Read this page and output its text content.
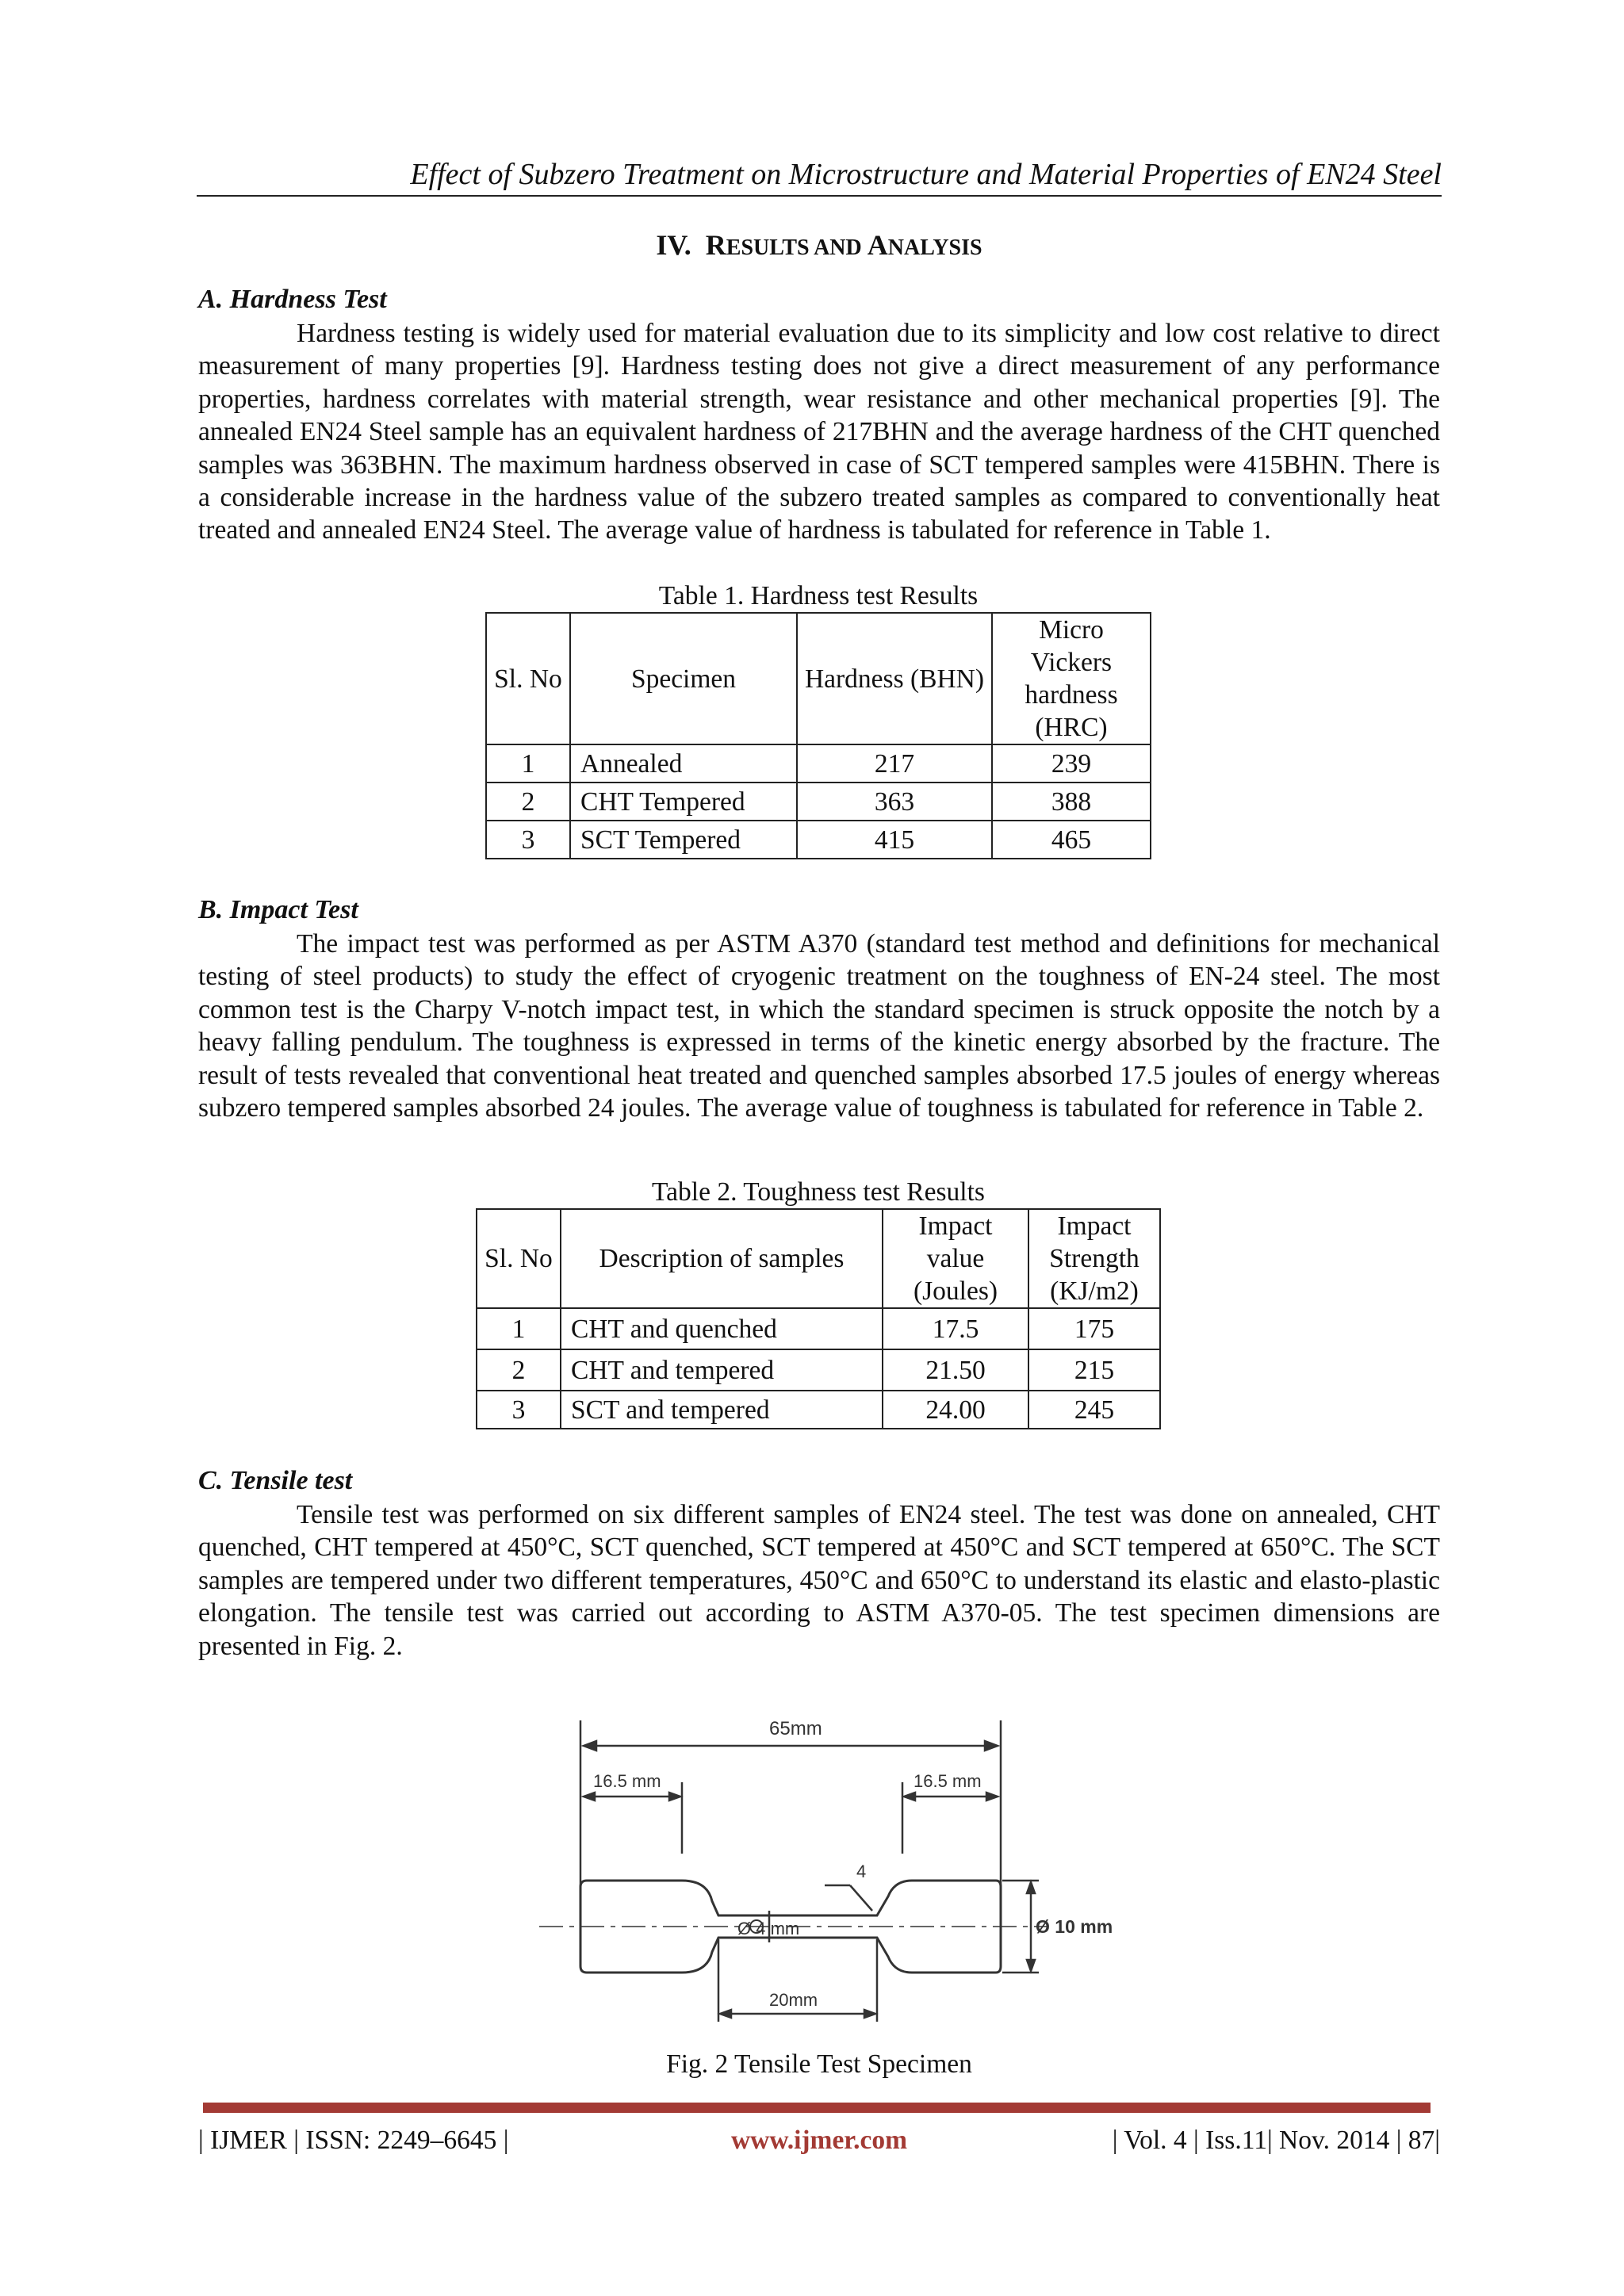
Effect of Subzero Treatment on Microstructure and Material Properties of EN24 Steel
IV. RESULTS AND ANALYSIS
A. Hardness Test

Hardness testing is widely used for material evaluation due to its simplicity and low cost relative to direct measurement of many properties [9]. Hardness testing does not give a direct measurement of any performance properties, hardness correlates with material strength, wear resistance and other mechanical properties [9]. The annealed EN24 Steel sample has an equivalent hardness of 217BHN and the average hardness of the CHT quenched samples was 363BHN. The maximum hardness observed in case of SCT tempered samples were 415BHN. There is a considerable increase in the hardness value of the subzero treated samples as compared to conventionally heat treated and annealed EN24 Steel. The average value of hardness is tabulated for reference in Table 1.

Table 1. Hardness test Results
Sl. No	Specimen	Hardness (BHN)	Micro Vickers hardness (HRC)
1	Annealed	217	239
2	CHT Tempered	363	388
3	SCT Tempered	415	465
B. Impact Test

The impact test was performed as per ASTM A370 (standard test method and definitions for mechanical testing of steel products) to study the effect of cryogenic treatment on the toughness of EN-24 steel. The most common test is the Charpy V-notch impact test, in which the standard specimen is struck opposite the notch by a heavy falling pendulum. The toughness is expressed in terms of the kinetic energy absorbed by the fracture. The result of tests revealed that conventional heat treated and quenched samples absorbed 17.5 joules of energy whereas subzero tempered samples absorbed 24 joules. The average value of toughness is tabulated for reference in Table 2.

Table 2. Toughness test Results
Sl. No	Description of samples	Impact value (Joules)	Impact Strength (KJ/m2)
1	CHT and quenched	17.5	175
2	CHT and tempered	21.50	215
3	SCT and tempered	24.00	245
C. Tensile test

Tensile test was performed on six different samples of EN24 steel. The test was done on annealed, CHT quenched, CHT tempered at 450°C, SCT quenched, SCT tempered at 450°C and SCT tempered at 650°C. The SCT samples are tempered under two different temperatures, 450°C and 650°C to understand its elastic and elasto-plastic elongation. The tensile test was carried out according to ASTM A370-05. The test specimen dimensions are presented in Fig. 2.

65mm
16.5 mm	16.5 mm
4
Ø 4 mm	Ø 10 mm
20mm
Fig. 2 Tensile Test Specimen
| IJMER | ISSN: 2249–6645 |	www.ijmer.com	| Vol. 4 | Iss.11| Nov. 2014 | 87|
